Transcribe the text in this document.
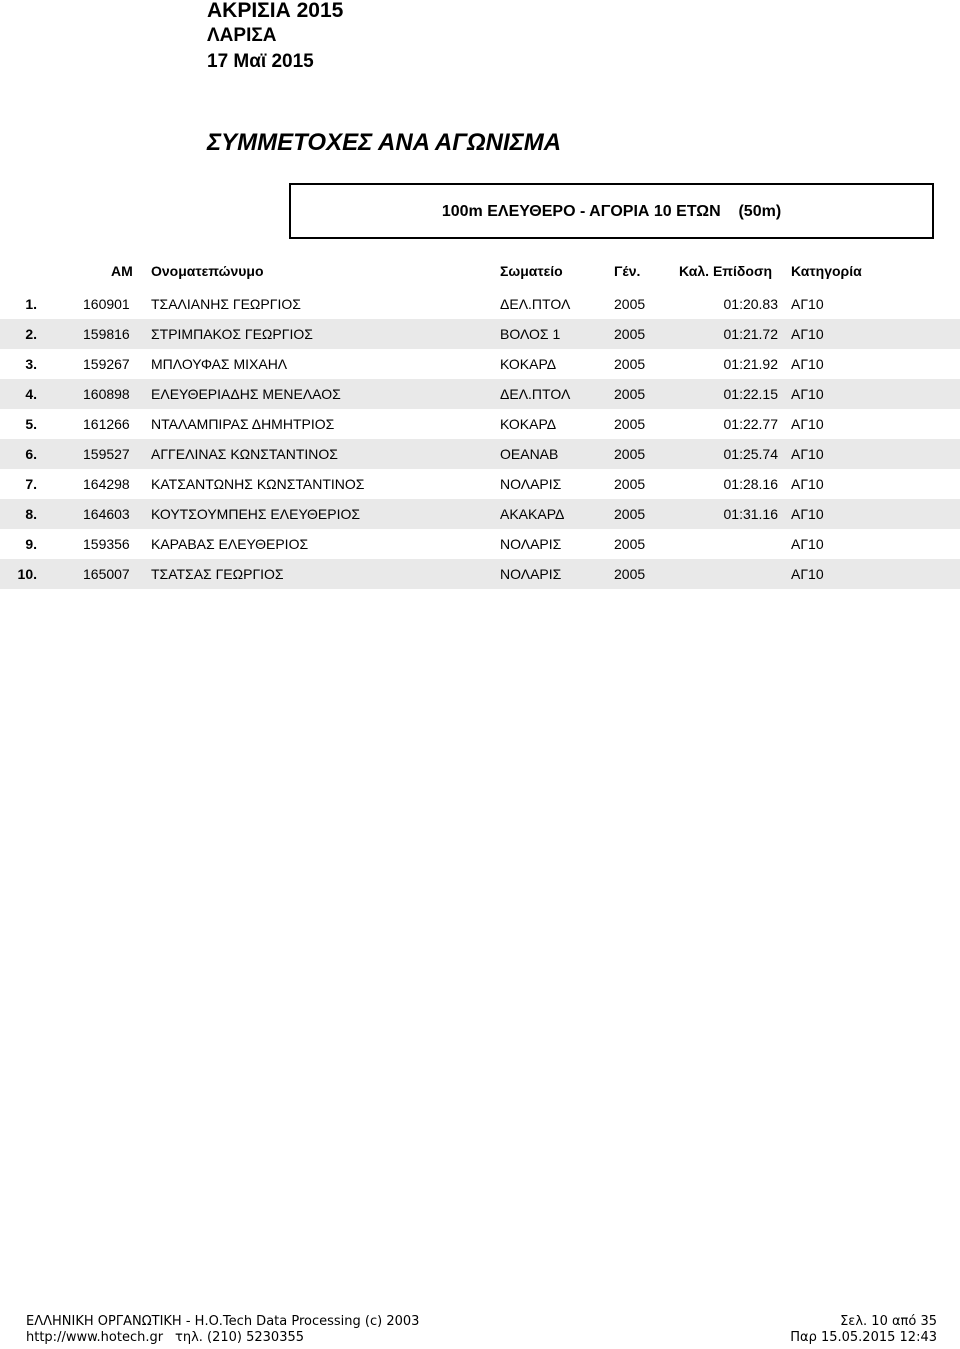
ΑΚΡΙΣΙΑ 2015
ΛΑΡΙΣΑ
17 Μαϊ 2015
ΣΥΜΜΕΤΟΧΕΣ ΑΝΑ ΑΓΩΝΙΣΜΑ
100m ΕΛΕΥΘΕΡΟ - ΑΓΟΡΙΑ 10 ΕΤΩΝ    (50m)
ΑΜ Ονοματεπώνυμο	Σωματείο	Γέν.	Καλ. Επίδοση Κατηγορία
1.	160901 ΤΣΑΛΙΑΝΗΣ ΓΕΩΡΓΙΟΣ	ΔΕΛ.ΠΤΟΛ	2005	01:20.83 ΑΓ10
2.	159816 ΣΤΡΙΜΠΑΚΟΣ ΓΕΩΡΓΙΟΣ	ΒΟΛΟΣ 1	2005	01:21.72 ΑΓ10
3.	159267 ΜΠΛΟΥΦΑΣ ΜΙΧΑΗΛ	ΚΟΚΑΡΔ	2005	01:21.92 ΑΓ10
4.	160898 ΕΛΕΥΘΕΡΙΑΔΗΣ ΜΕΝΕΛΑΟΣ	ΔΕΛ.ΠΤΟΛ	2005	01:22.15 ΑΓ10
5.	161266 ΝΤΑΛΑΜΠΙΡΑΣ ΔΗΜΗΤΡΙΟΣ	ΚΟΚΑΡΔ	2005	01:22.77 ΑΓ10
6.	159527 ΑΓΓΕΛΙΝΑΣ ΚΩΝΣΤΑΝΤΙΝΟΣ	ΟΕΑΝΑΒ	2005	01:25.74 ΑΓ10
7.	164298 ΚΑΤΣΑΝΤΩΝΗΣ ΚΩΝΣΤΑΝΤΙΝΟΣ	ΝΟΛΑΡΙΣ	2005	01:28.16 ΑΓ10
8.	164603 ΚΟΥΤΣΟΥΜΠΕΗΣ ΕΛΕΥΘΕΡΙΟΣ	ΑΚΑΚΑΡΔ	2005	01:31.16 ΑΓ10
9.	159356 ΚΑΡΑΒΑΣ ΕΛΕΥΘΕΡΙΟΣ	ΝΟΛΑΡΙΣ	2005	ΑΓ10
10.	165007 ΤΣΑΤΣΑΣ ΓΕΩΡΓΙΟΣ	ΝΟΛΑΡΙΣ	2005	ΑΓ10
ΕΛΛΗΝΙΚΗ ΟΡΓΑΝΩΤΙΚΗ - Η.Ο.Tech Data Processing (c) 2003
http://www.hotech.gr τηλ. (210) 5230355
Σελ. 10 από 35
Παρ 15.05.2015 12:43
